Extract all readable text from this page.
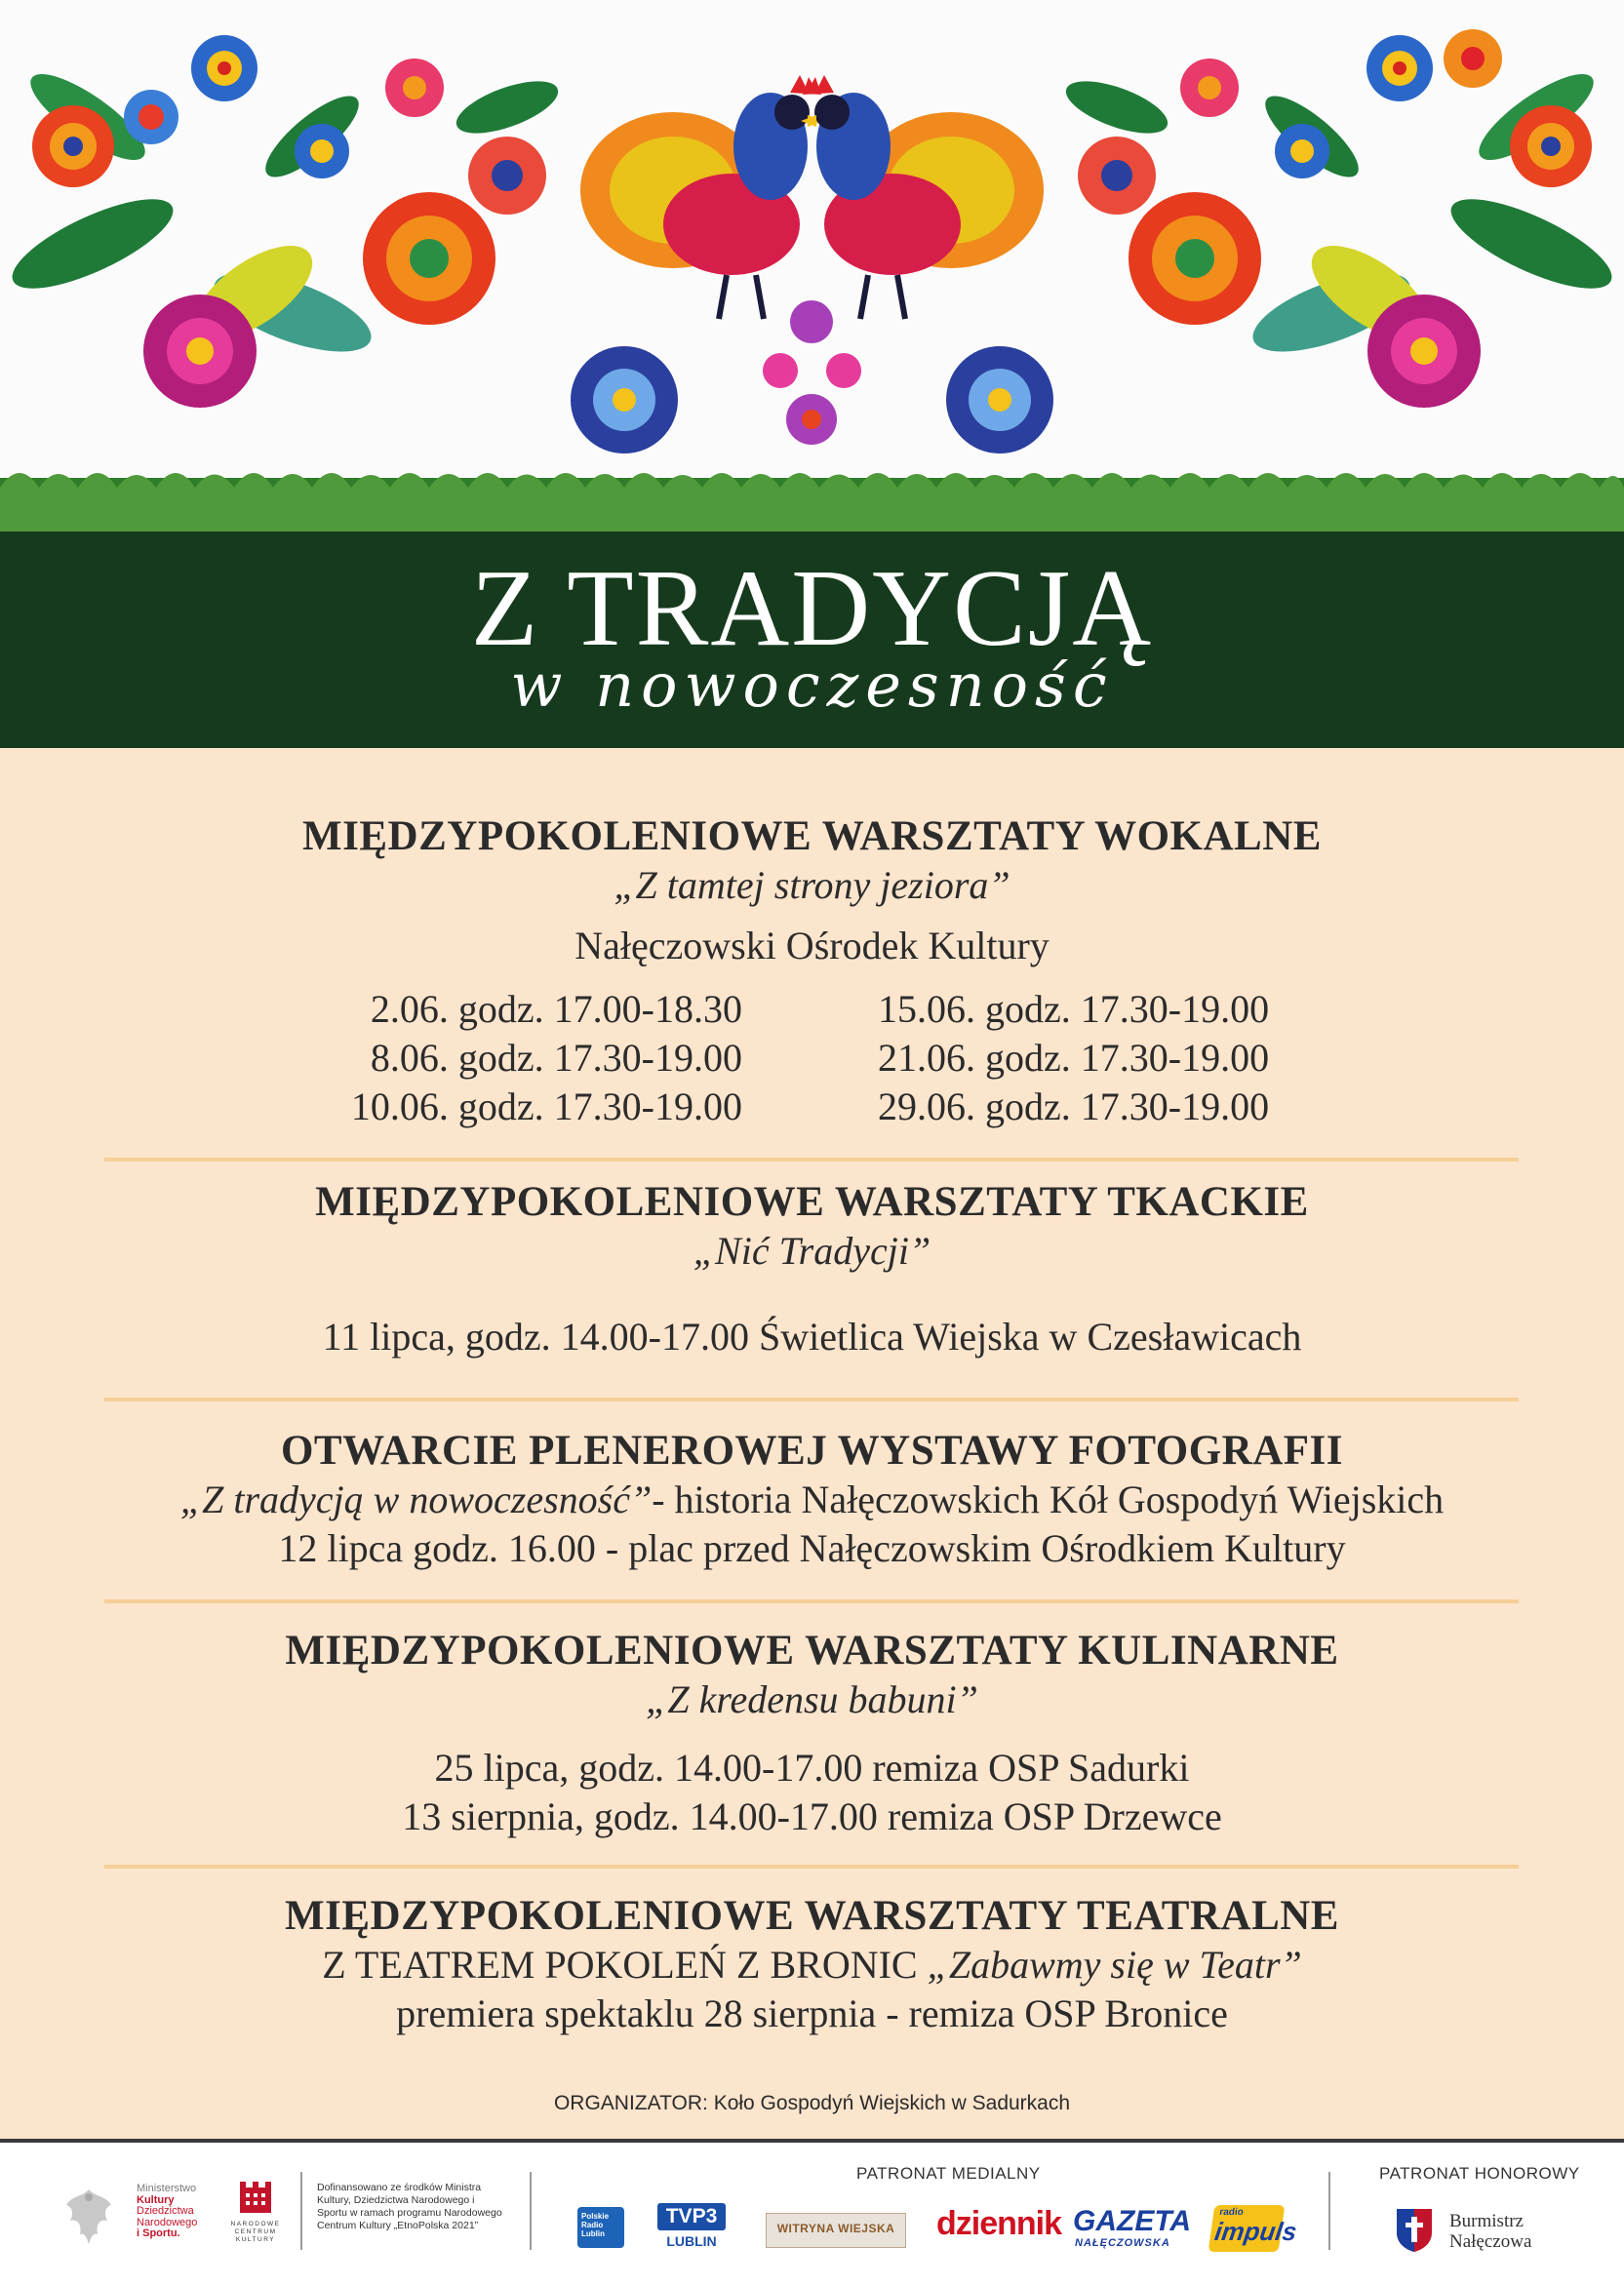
Z TRADYCJĄ
w nowoczesność
MIĘDZYPOKOLENIOWE WARSZTATY WOKALNE
„Z tamtej strony jeziora”
Nałęczowski Ośrodek Kultury
2.06. godz. 17.00-18.30
8.06. godz. 17.30-19.00
10.06. godz. 17.30-19.00
15.06. godz. 17.30-19.00
21.06. godz. 17.30-19.00
29.06. godz. 17.30-19.00
MIĘDZYPOKOLENIOWE WARSZTATY TKACKIE
„Nić Tradycji”
11 lipca, godz. 14.00-17.00 Świetlica Wiejska w Czesławicach
OTWARCIE PLENEROWEJ WYSTAWY FOTOGRAFII
„Z tradycją w nowoczesność”- historia Nałęczowskich Kół Gospodyń Wiejskich
12 lipca godz. 16.00 - plac przed Nałęczowskim Ośrodkiem Kultury
MIĘDZYPOKOLENIOWE WARSZTATY KULINARNE
„Z kredensu babuni”
25 lipca, godz. 14.00-17.00 remiza OSP Sadurki
13 sierpnia, godz. 14.00-17.00 remiza OSP Drzewce
MIĘDZYPOKOLENIOWE WARSZTATY TEATRALNE
Z TEATREM POKOLEŃ Z BRONIC „Zabawmy się w Teatr”
premiera spektaklu 28 sierpnia - remiza OSP Bronice
ORGANIZATOR: Koło Gospodyń Wiejskich w Sadurkach
Ministerstwo
Kultury
Dziedzictwa
Narodowego
i Sportu.
NARODOWE
CENTRUM
KULTURY
Dofinansowano ze środków Ministra Kultury, Dziedzictwa Narodowego i Sportu w ramach programu Narodowego Centrum Kultury „EtnoPolska 2021”
PATRONAT MEDIALNY
Polskie
Radio
Lublin
TVP3
LUBLIN
WITRYNA WIEJSKA	dziennik GAZETA
NAŁĘCZOWSKA
radio
impuls
PATRONAT HONOROWY
Burmistrz
Nałęczowa
